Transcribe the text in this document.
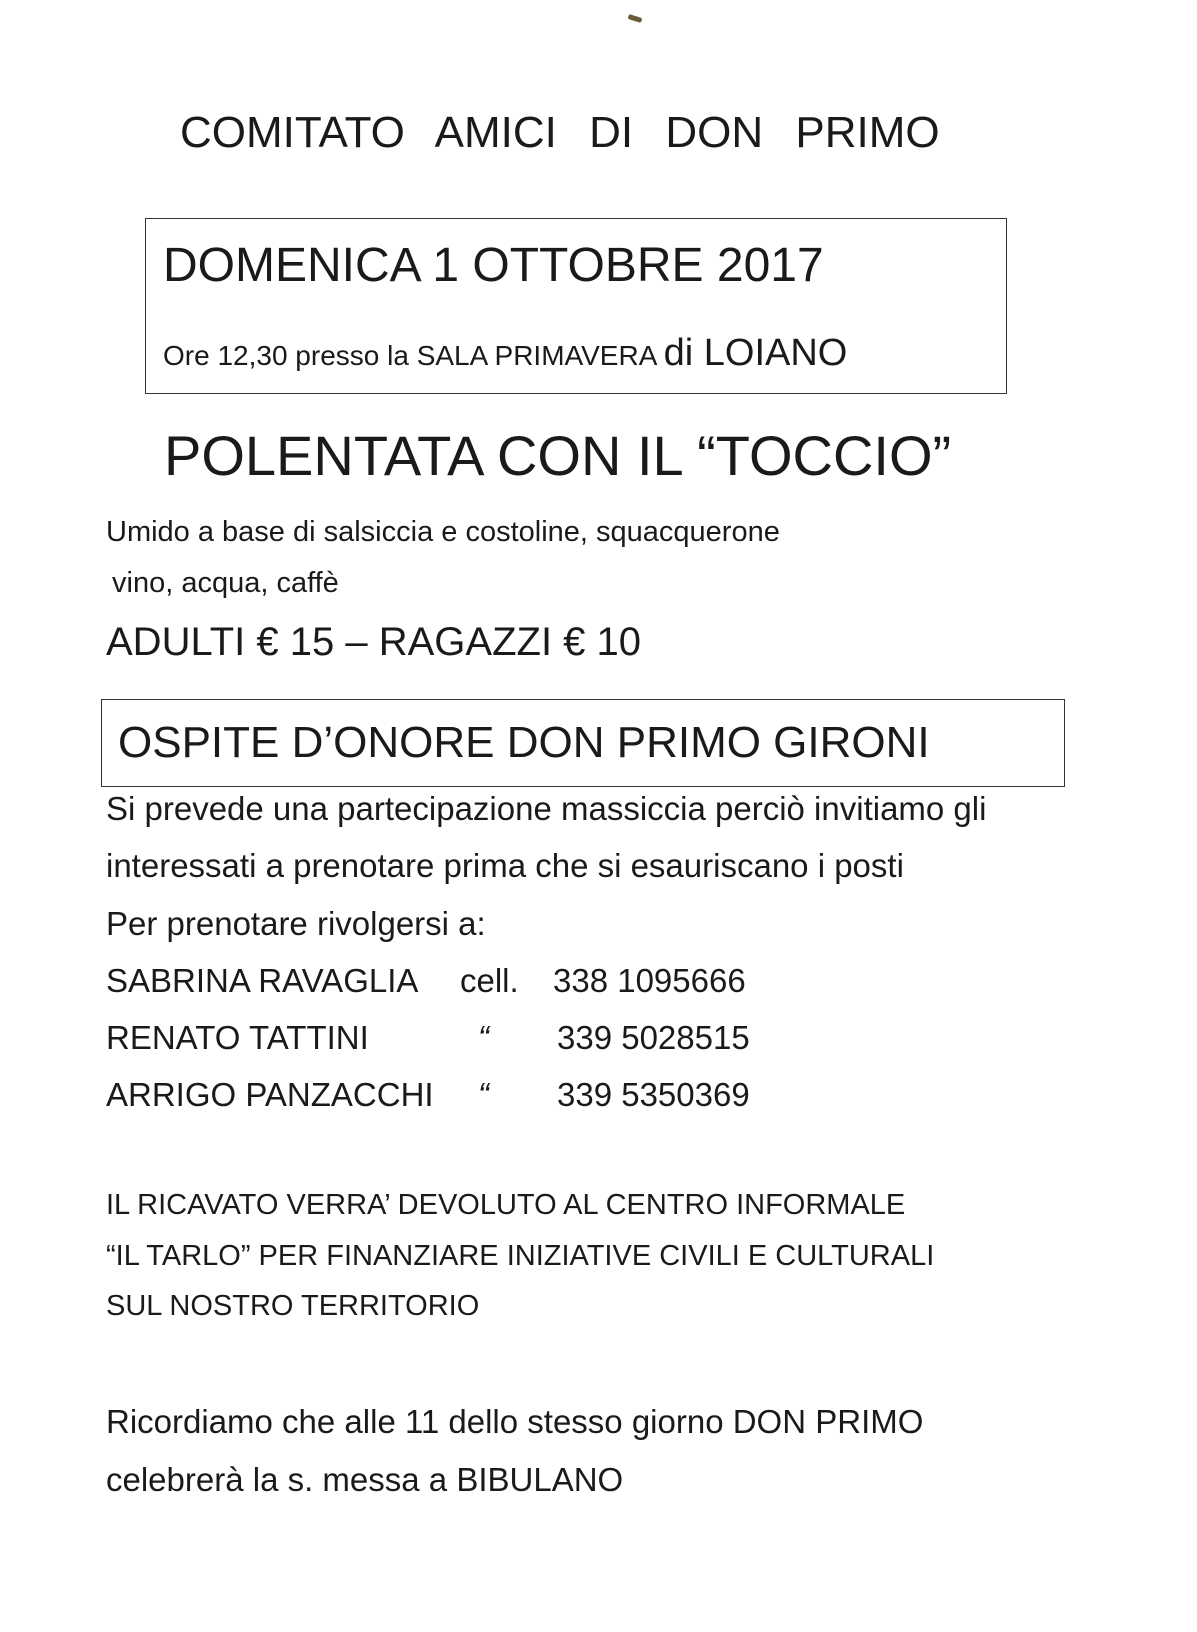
COMITATO AMICI DI DON PRIMO
DOMENICA 1 OTTOBRE 2017
Ore 12,30 presso la SALA PRIMAVERA di LOIANO
POLENTATA CON IL “TOCCIO”
Umido a base di salsiccia e costoline, squacquerone
vino, acqua, caffè
ADULTI € 15 – RAGAZZI € 10
OSPITE D’ONORE DON PRIMO GIRONI
Si prevede una partecipazione massiccia perciò invitiamo gli
interessati a prenotare prima che si esauriscano i posti
Per prenotare rivolgersi a:
SABRINA RAVAGLIA cell. 338 1095666
RENATO TATTINI	“ 339 5028515
ARRIGO PANZACCHI “ 339 5350369
IL RICAVATO VERRA’ DEVOLUTO AL CENTRO INFORMALE
“IL TARLO” PER FINANZIARE INIZIATIVE CIVILI E CULTURALI
SUL NOSTRO TERRITORIO
Ricordiamo che alle 11 dello stesso giorno DON PRIMO
celebrerà la s. messa a BIBULANO
